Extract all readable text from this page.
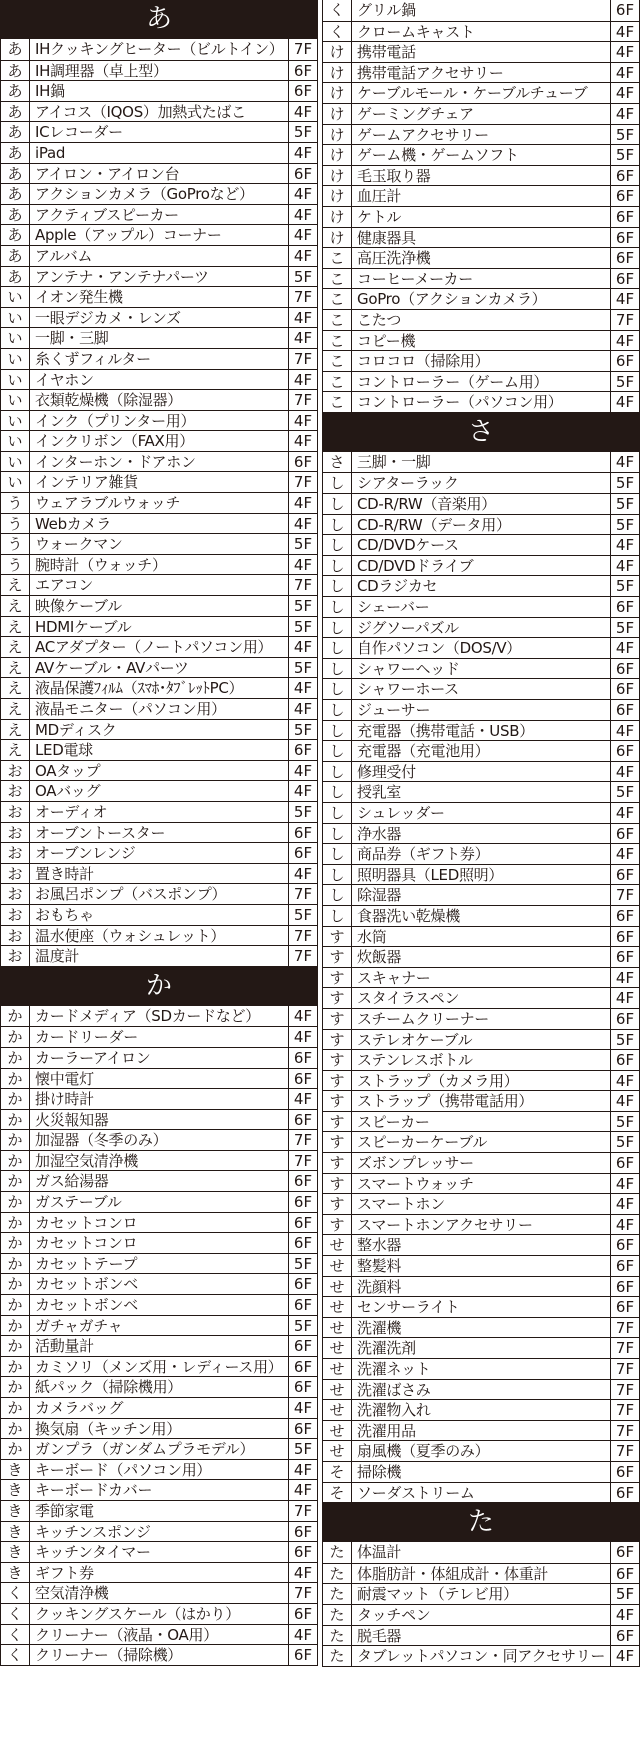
あ
あ IHクッキングヒーター（ビルトイン） 7F
あ IH調理器（卓上型）	6F
あ IH鍋	6F
あ アイコス（IQOS）加熱式たばこ	4F
あ ICレコーダー	5F
あ iPad	4F
あ アイロン・アイロン台	6F
あ アクションカメラ（GoProなど）	4F
あ アクティブスピーカー	4F
あ Apple（アップル）コーナー	4F
あ アルバム	4F
あ アンテナ・アンテナパーツ	5F
い イオン発生機	7F
い 一眼デジカメ・レンズ	4F
い 一脚・三脚	4F
い 糸くずフィルター	7F
い イヤホン	4F
い 衣類乾燥機（除湿器）	7F
い インク（プリンター用）	4F
い インクリボン（FAX用）	4F
い インターホン・ドアホン	6F
い インテリア雑貨	7F
う ウェアラブルウォッチ	4F
う Webカメラ	4F
う ウォークマン	5F
う 腕時計（ウォッチ）	4F
え エアコン	7F
え 映像ケーブル	5F
え HDMIケーブル	5F
え ACアダプター（ノートパソコン用）	4F
え AVケーブル・AVパーツ	5F
え 液晶保護ﾌｨﾙﾑ（ｽﾏﾎ･ﾀﾌﾞﾚｯﾄPC）	4F
え 液晶モニター（パソコン用）	4F
え MDディスク	5F
え LED電球	6F
お OAタップ	4F
お OAバッグ	4F
お オーディオ	5F
お オーブントースター	6F
お オーブンレンジ	6F
お 置き時計	4F
お お風呂ポンプ（バスポンプ）	7F
お おもちゃ	5F
お 温水便座（ウォシュレット）	7F
お 温度計	7F
か
か カードメディア（SDカードなど）	4F
か カードリーダー	4F
か カーラーアイロン	6F
か 懐中電灯	6F
か 掛け時計	4F
か 火災報知器	6F
か 加湿器（冬季のみ）	7F
か 加湿空気清浄機	7F
か ガス給湯器	6F
か ガステーブル	6F
か カセットコンロ	6F
か カセットコンロ	6F
か カセットテープ	5F
か カセットボンベ	6F
か カセットボンベ	6F
か ガチャガチャ	5F
か 活動量計	6F
か カミソリ（メンズ用・レディース用） 6F
か 紙パック（掃除機用）	6F
か カメラバッグ	4F
か 換気扇（キッチン用）	6F
か ガンプラ（ガンダムプラモデル）	5F
き キーボード（パソコン用）	4F
き キーボードカバー	4F
き 季節家電	7F
き キッチンスポンジ	6F
き キッチンタイマー	6F
き ギフト券	4F
く 空気清浄機	7F
く クッキングスケール（はかり）	6F
く クリーナー（液晶・OA用）	4F
く クリーナー（掃除機）	6F
く グリル鍋	6F
く クロームキャスト	4F
け 携帯電話	4F
け 携帯電話アクセサリー	4F
け ケーブルモール・ケーブルチューブ	4F
け ゲーミングチェア	4F
け ゲームアクセサリー	5F
け ゲーム機・ゲームソフト	5F
け 毛玉取り器	6F
け 血圧計	6F
け ケトル	6F
け 健康器具	6F
こ 高圧洗浄機	6F
こ コーヒーメーカー	6F
こ GoPro（アクションカメラ）	4F
こ こたつ	7F
こ コピー機	4F
こ コロコロ（掃除用）	6F
こ コントローラー（ゲーム用）	5F
こ コントローラー（パソコン用）	4F
さ
さ 三脚・一脚	4F
し シアターラック	5F
し CD-R/RW（音楽用）	5F
し CD-R/RW（データ用）	5F
し CD/DVDケース	4F
し CD/DVDドライブ	4F
し CDラジカセ	5F
し シェーバー	6F
し ジグソーパズル	5F
し 自作パソコン（DOS/V）	4F
し シャワーヘッド	6F
し シャワーホース	6F
し ジューサー	6F
し 充電器（携帯電話・USB）	4F
し 充電器（充電池用）	6F
し 修理受付	4F
し 授乳室	5F
し シュレッダー	4F
し 浄水器	6F
し 商品券（ギフト券）	4F
し 照明器具（LED照明）	6F
し 除湿器	7F
し 食器洗い乾燥機	6F
す 水筒	6F
す 炊飯器	6F
す スキャナー	4F
す スタイラスペン	4F
す スチームクリーナー	6F
す ステレオケーブル	5F
す ステンレスボトル	6F
す ストラップ（カメラ用）	4F
す ストラップ（携帯電話用）	4F
す スピーカー	5F
す スピーカーケーブル	5F
す ズボンプレッサー	6F
す スマートウォッチ	4F
す スマートホン	4F
す スマートホンアクセサリー	4F
せ 整水器	6F
せ 整髪料	6F
せ 洗顔料	6F
せ センサーライト	6F
せ 洗濯機	7F
せ 洗濯洗剤	7F
せ 洗濯ネット	7F
せ 洗濯ばさみ	7F
せ 洗濯物入れ	7F
せ 洗濯用品	7F
せ 扇風機（夏季のみ）	7F
そ 掃除機	6F
そ ソーダストリーム	6F
た
た 体温計	6F
た 体脂肪計・体組成計・体重計	6F
た 耐震マット（テレビ用）	5F
た タッチペン	4F
た 脱毛器	6F
た タブレットパソコン・同アクセサリー 4F
